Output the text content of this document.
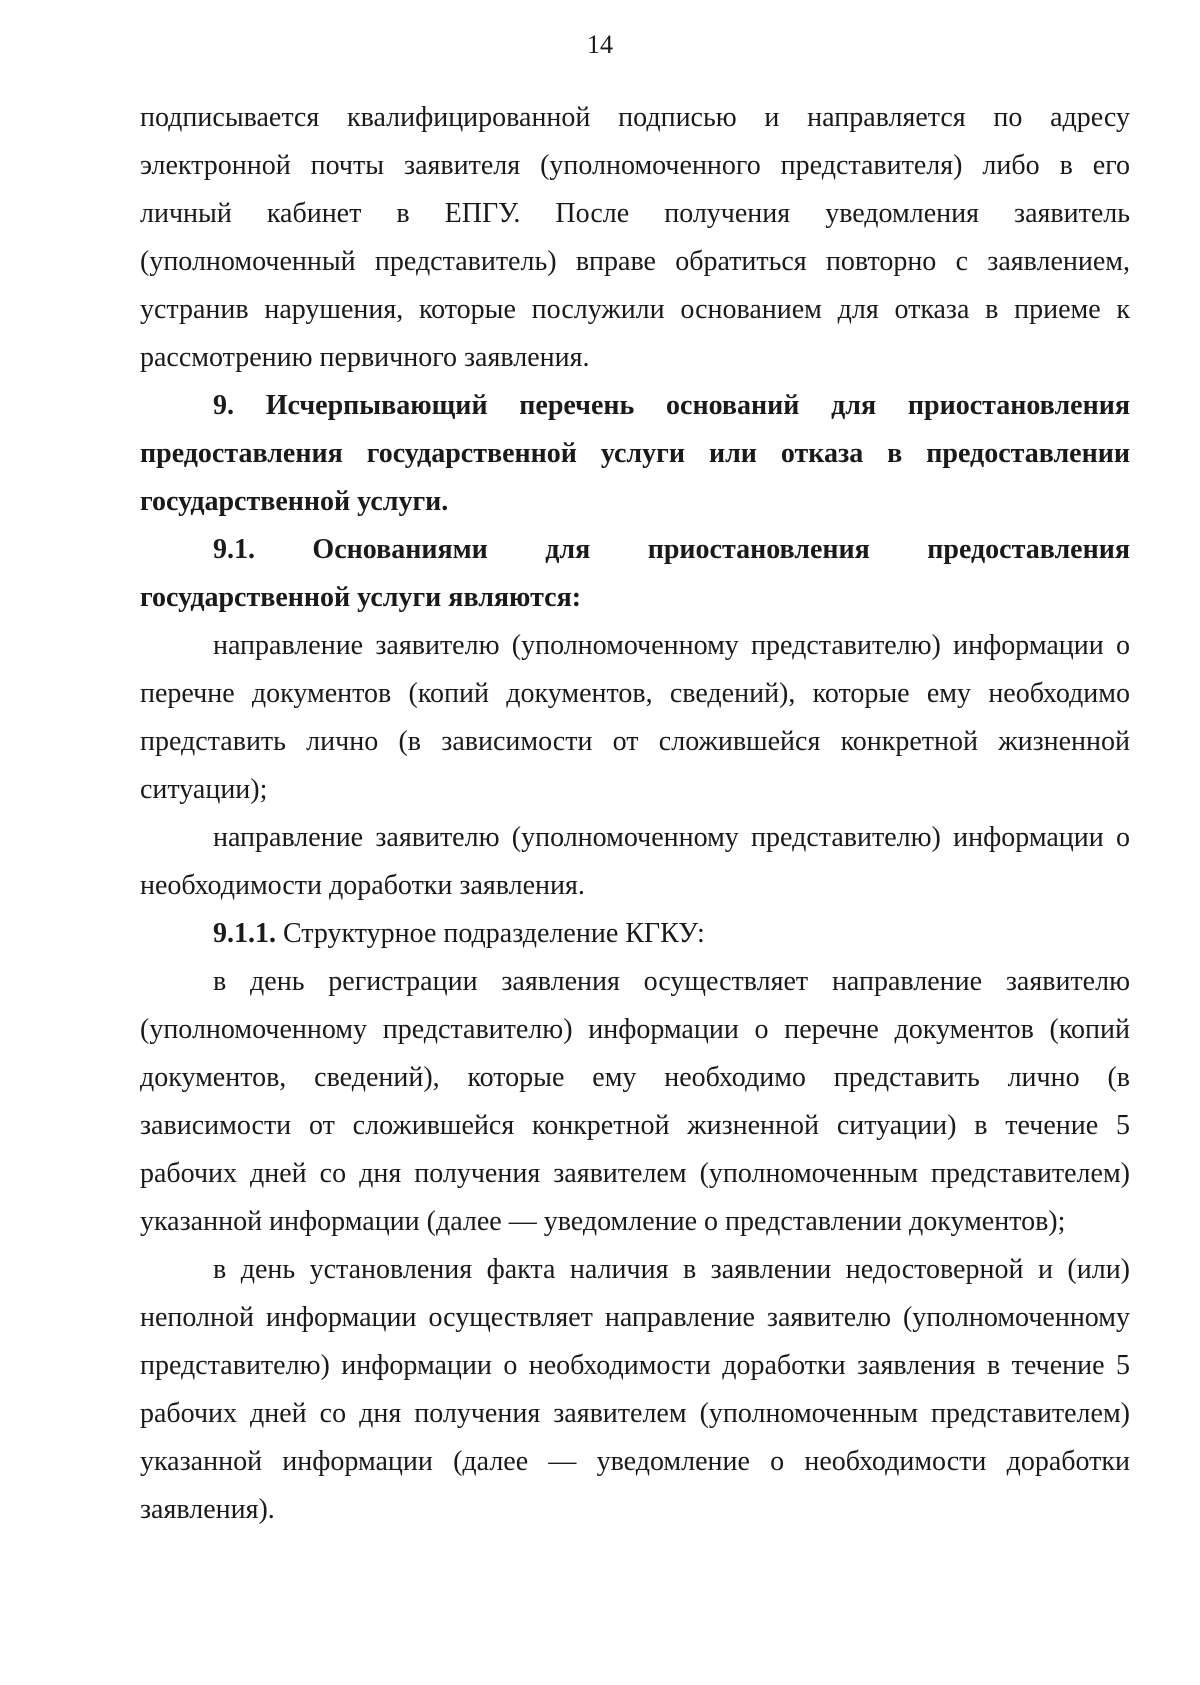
14

подписывается квалифицированной подписью и направляется по адресу электронной почты заявителя (уполномоченного представителя) либо в его личный кабинет в ЕПГУ. После получения уведомления заявитель (уполномоченный представитель) вправе обратиться повторно с заявлением, устранив нарушения, которые послужили основанием для отказа в приеме к рассмотрению первичного заявления.

9. Исчерпывающий перечень оснований для приостановления предоставления государственной услуги или отказа в предоставлении государственной услуги.

9.1. Основаниями для приостановления предоставления государственной услуги являются:

направление заявителю (уполномоченному представителю) информации о перечне документов (копий документов, сведений), которые ему необходимо представить лично (в зависимости от сложившейся конкретной жизненной ситуации);

направление заявителю (уполномоченному представителю) информации о необходимости доработки заявления.

9.1.1. Структурное подразделение КГКУ:

в день регистрации заявления осуществляет направление заявителю (уполномоченному представителю) информации о перечне документов (копий документов, сведений), которые ему необходимо представить лично (в зависимости от сложившейся конкретной жизненной ситуации) в течение 5 рабочих дней со дня получения заявителем (уполномоченным представителем) указанной информации (далее — уведомление о представлении документов);

в день установления факта наличия в заявлении недостоверной и (или) неполной информации осуществляет направление заявителю (уполномоченному представителю) информации о необходимости доработки заявления в течение 5 рабочих дней со дня получения заявителем (уполномоченным представителем) указанной информации (далее — уведомление о необходимости доработки заявления).
